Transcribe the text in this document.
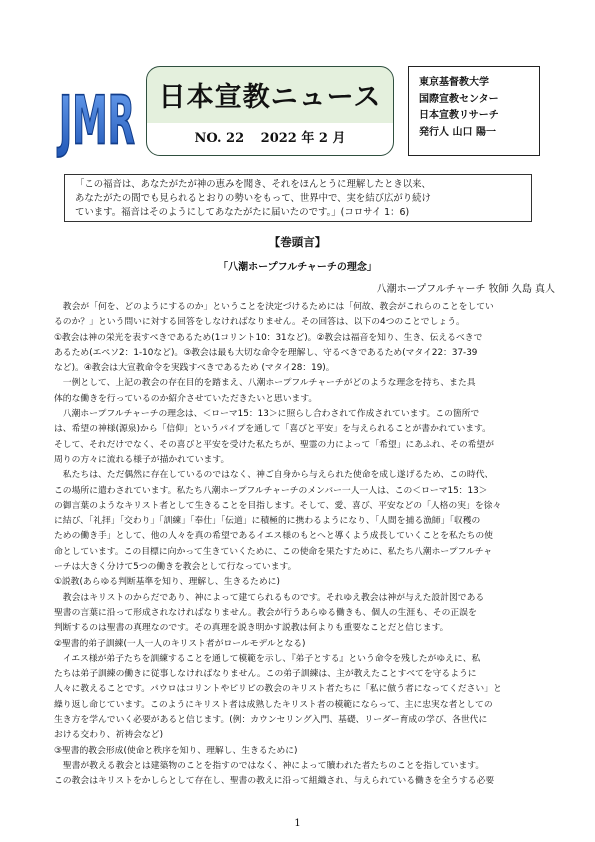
JMR 日本宣教ニュース
NO. 22 2022 年 2 月
東京基督教大学
国際宣教センター
日本宣教リサーチ
発行人 山口 陽一
「この福音は、あなたがたが神の恵みを聞き、それをほんとうに理解したとき以来、
あなたがたの間でも見られるとおりの勢いをもって、世界中で、実を結び広がり続け
ています。福音はそのようにしてあなたがたに届いたのです。」(コロサイ 1：6)
【巻頭言】
「八潮ホープフルチャーチの理念」
八潮ホープフルチャーチ 牧師 久島 真人
　教会が「何を、どのようにするのか」ということを決定づけるためには「何故、教会がこれらのことをしてい
るのか？」という問いに対する回答をしなければなりません。その回答は、以下の4つのことでしょう。
①教会は神の栄光を表すべきであるため(1コリント10：31など)。②教会は福音を知り、生き、伝えるべきで
あるため(エペソ2：1-10など)。③教会は最も大切な命令を理解し、守るべきであるため(マタイ22：37-39
など)。④教会は大宣教命令を実践すべきであるため (マタイ28：19)。
　一例として、上記の教会の存在目的を踏まえ、八潮ホープフルチャーチがどのような理念を持ち、また具
体的な働きを行っているのか紹介させていただきたいと思います。
　八潮ホープフルチャーチの理念は、＜ローマ15：13＞に照らし合わされて作成されています。この箇所で
は、希望の神様(源泉)から「信仰」というパイプを通して「喜びと平安」を与えられることが書かれています。
そして、それだけでなく、その喜びと平安を受けた私たちが、聖霊の力によって「希望」にあふれ、その希望が
周りの方々に流れる様子が描かれています。
　私たちは、ただ偶然に存在しているのではなく、神ご自身から与えられた使命を成し遂げるため、この時代、
この場所に遣わされています。私たち八潮ホープフルチャーチのメンバー一人一人は、この＜ローマ15：13＞
の御言葉のようなキリスト者として生きることを目指します。そして、愛、喜び、平安などの「人格の実」を徐々
に結び、「礼拝」「交わり」「訓練」「奉仕」「伝道」に積極的に携わるようになり、「人間を捕る漁師」「収穫の
ための働き手」として、他の人々を真の希望であるイエス様のもとへと導くよう成長していくことを私たちの使
命としています。この目標に向かって生きていくために、この使命を果たすために、私たち八潮ホープフルチャ
ーチは大きく分けて5つの働きを教会として行なっています。
①説教(あらゆる判断基準を知り、理解し、生きるために)
　教会はキリストのからだであり、神によって建てられるものです。それゆえ教会は神が与えた設計図である
聖書の言葉に沿って形成されなければなりません。教会が行うあらゆる働きも、個人の生涯も、その正誤を
判断するのは聖書の真理なのです。その真理を説き明かす説教は何よりも重要なことだと信じます。
②聖書的弟子訓練(一人一人のキリスト者がロールモデルとなる)
　イエス様が弟子たちを訓練することを通して模範を示し、『弟子とする』という命令を残したがゆえに、私
たちは弟子訓練の働きに従事しなければなりません。この弟子訓練は、主が教えたことすべてを守るように
人々に教えることです。パウロはコリントやピリピの教会のキリスト者たちに「私に倣う者になってください」と
繰り返し命じています。このようにキリスト者は成熟したキリスト者の模範にならって、主に忠実な者としての
生き方を学んでいく必要があると信じます。(例：カウンセリング入門、基礎、リーダー育成の学び、各世代に
おける交わり、祈祷会など)
③聖書的教会形成(使命と秩序を知り、理解し、生きるために)
　聖書が教える教会とは建築物のことを指すのではなく、神によって贖われた者たちのことを指しています。
この教会はキリストをかしらとして存在し、聖書の教えに沿って組織され、与えられている働きを全うする必要
1
